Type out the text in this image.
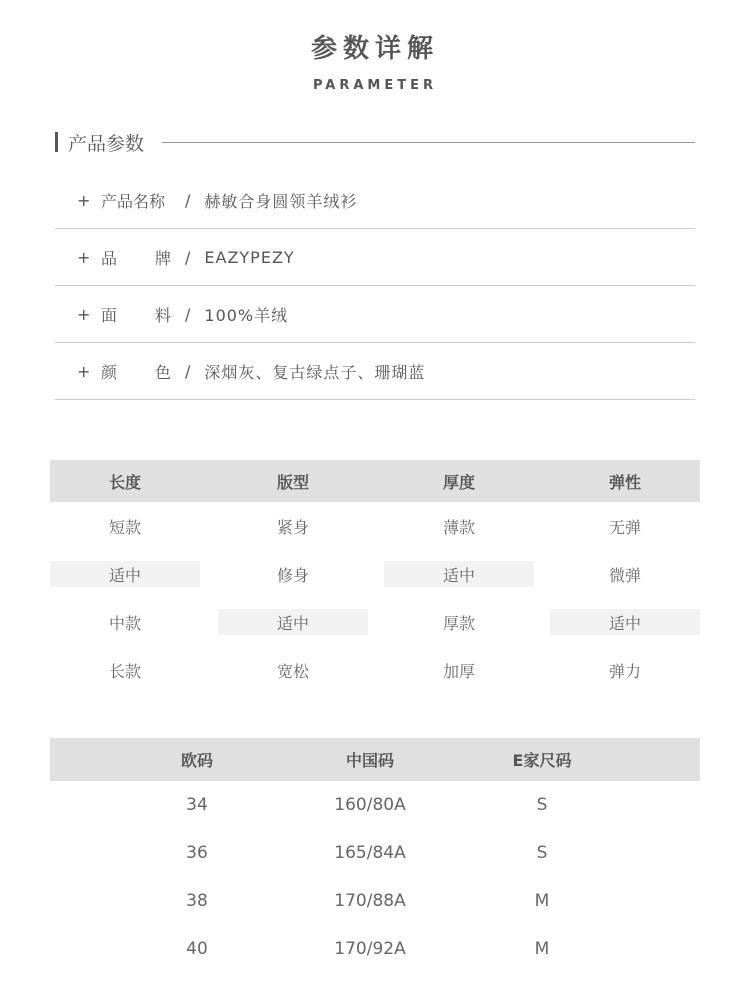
参数详解
PARAMETER
产品参数
+ 产品名称	/ 赫敏合身圆领羊绒衫
+ 品 牌 / EAZYPEZY
+ 面 料 / 100%羊绒
+ 颜 色 / 深烟灰、复古绿点子、珊瑚蓝
长度	版型	厚度	弹性
短款	紧身	薄款	无弹
适中	修身	适中	微弹
中款	适中	厚款	适中
长款	宽松	加厚	弹力
欧码	中国码	E家尺码
34	160/80A	S
36	165/84A	S
38	170/88A	M
40	170/92A	M
